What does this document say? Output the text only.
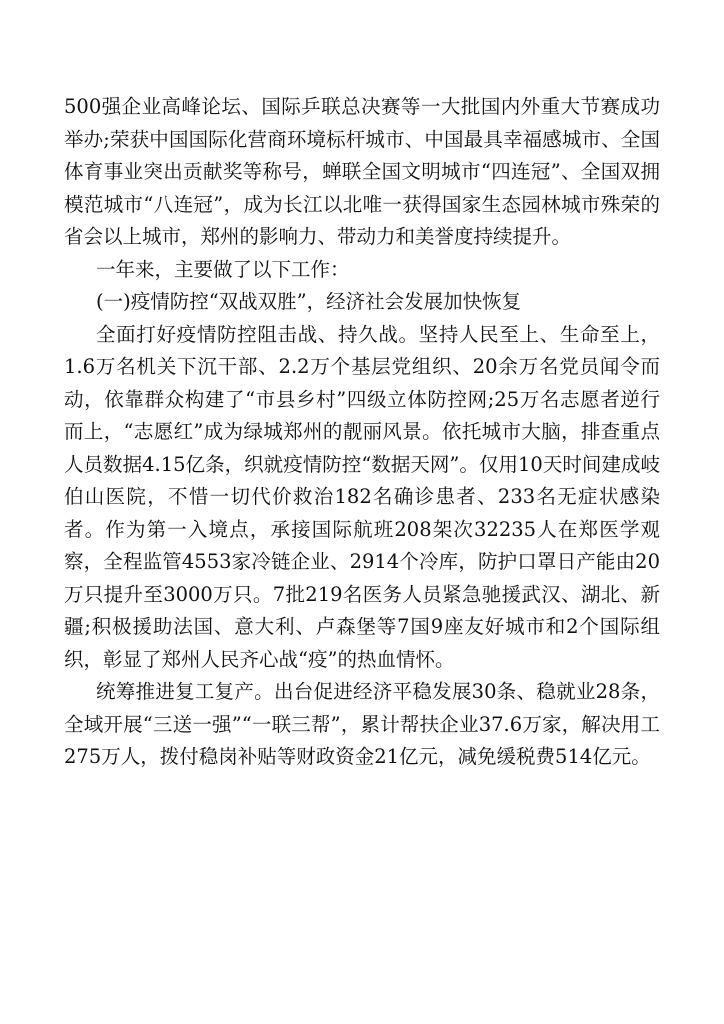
500强企业高峰论坛、国际乒联总决赛等一大批国内外重大节赛成功举办;荣获中国国际化营商环境标杆城市、中国最具幸福感城市、全国体育事业突出贡献奖等称号，蝉联全国文明城市“四连冠”、全国双拥模范城市“八连冠”，成为长江以北唯一获得国家生态园林城市殊荣的省会以上城市，郑州的影响力、带动力和美誉度持续提升。

一年来，主要做了以下工作：

(一)疫情防控“双战双胜”，经济社会发展加快恢复

全面打好疫情防控阻击战、持久战。坚持人民至上、生命至上，1.6万名机关下沉干部、2.2万个基层党组织、20余万名党员闻令而动，依靠群众构建了“市县乡村”四级立体防控网;25万名志愿者逆行而上，“志愿红”成为绿城郑州的靓丽风景。依托城市大脑，排查重点人员数据4.15亿条，织就疫情防控“数据天网”。仅用10天时间建成岐伯山医院，不惜一切代价救治182名确诊患者、233名无症状感染者。作为第一入境点，承接国际航班208架次32235人在郑医学观察，全程监管4553家冷链企业、2914个冷库，防护口罩日产能由20万只提升至3000万只。7批219名医务人员紧急驰援武汉、湖北、新疆;积极援助法国、意大利、卢森堡等7国9座友好城市和2个国际组织，彰显了郑州人民齐心战“疫”的热血情怀。

统筹推进复工复产。出台促进经济平稳发展30条、稳就业28条，全域开展“三送一强”“一联三帮”，累计帮扶企业37.6万家，解决用工275万人，拨付稳岗补贴等财政资金21亿元，减免缓税费514亿元。
